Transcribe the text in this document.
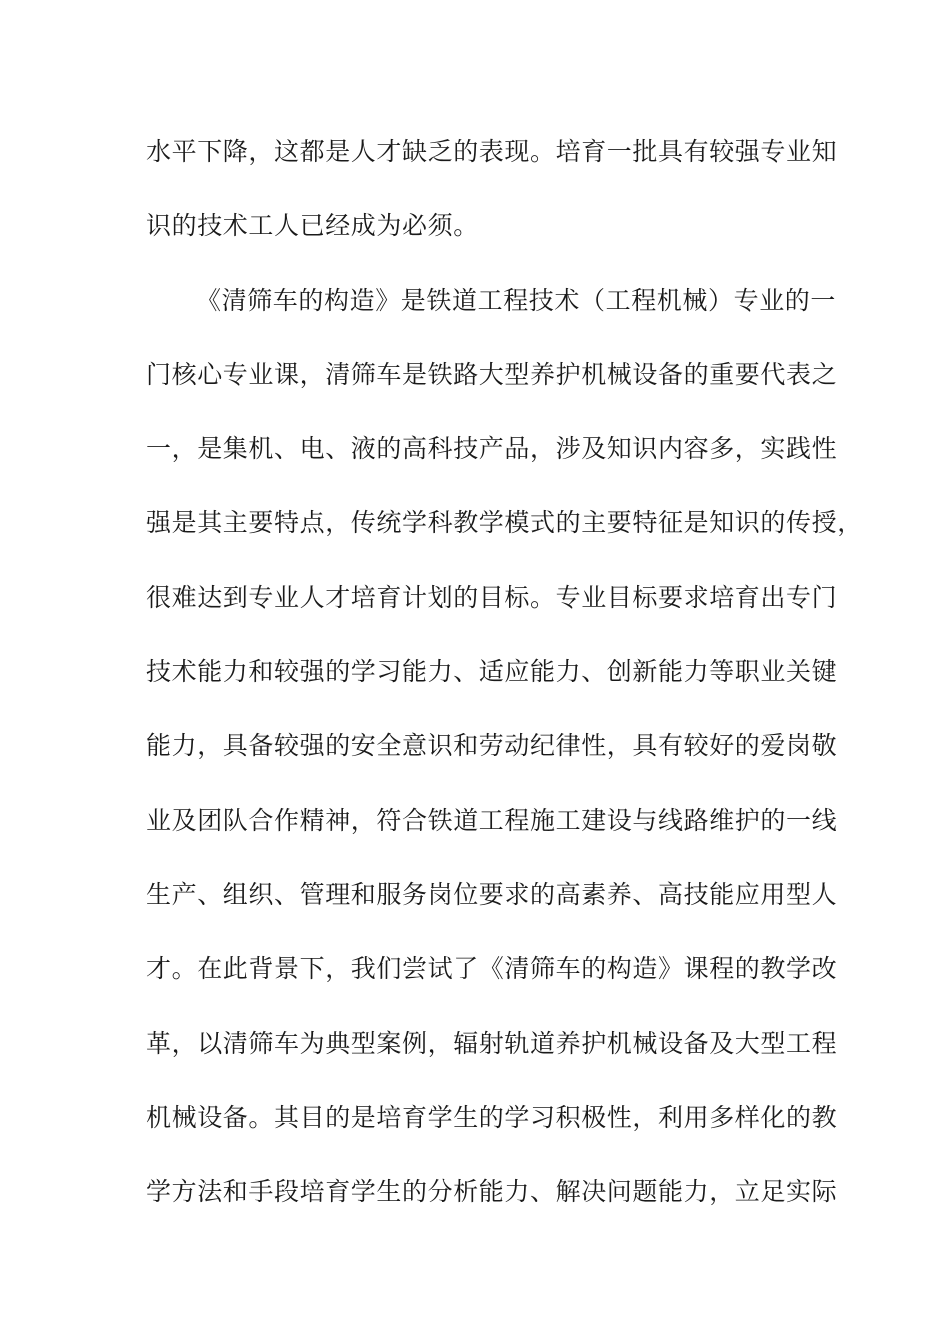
水平下降，这都是人才缺乏的表现。培育一批具有较强专业知
识的技术工人已经成为必须。
《清筛车的构造》是铁道工程技术（工程机械）专业的一
门核心专业课，清筛车是铁路大型养护机械设备的重要代表之
一，是集机、电、液的高科技产品，涉及知识内容多，实践性
强是其主要特点，传统学科教学模式的主要特征是知识的传授，
很难达到专业人才培育计划的目标。专业目标要求培育出专门
技术能力和较强的学习能力、适应能力、创新能力等职业关键
能力，具备较强的安全意识和劳动纪律性，具有较好的爱岗敬
业及团队合作精神，符合铁道工程施工建设与线路维护的一线
生产、组织、管理和服务岗位要求的高素养、高技能应用型人
才。在此背景下，我们尝试了《清筛车的构造》课程的教学改
革，以清筛车为典型案例，辐射轨道养护机械设备及大型工程
机械设备。其目的是培育学生的学习积极性，利用多样化的教
学方法和手段培育学生的分析能力、解决问题能力，立足实际
